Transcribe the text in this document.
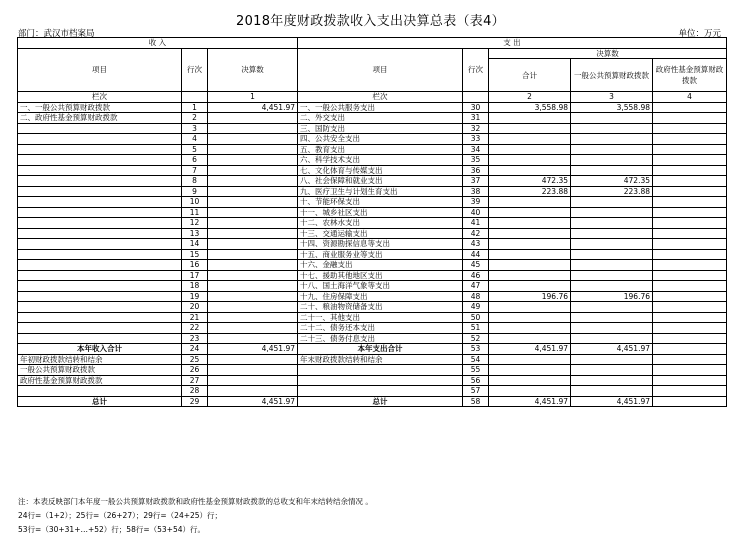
2018年度财政拨款收入支出决算总表（表4）
部门：武汉市档案局	单位：万元
收 入			支 出				
项目	行次	决算数	项目	行次	决算数		
					合计	一般公共预算财政拨款	政府性基金预算财政拨款

栏次		1	栏次		2	3	4
一、一般公共预算财政拨款	1	4,451.97	一、一般公共服务支出	30	3,558.98	3,558.98	
二、政府性基金预算财政拨款	2		二、外交支出	31			
	3		三、国防支出	32			
	4		四、公共安全支出	33			
	5		五、教育支出	34			
	6		六、科学技术支出	35			
	7		七、文化体育与传媒支出	36			
	8		八、社会保障和就业支出	37	472.35	472.35	
	9		九、医疗卫生与计划生育支出	38	223.88	223.88	
	10		十、节能环保支出	39			
	11		十一、城乡社区支出	40			
	12		十二、农林水支出	41			
	13		十三、交通运输支出	42			
	14		十四、资源勘探信息等支出	43			
	15		十五、商业服务业等支出	44			
	16		十六、金融支出	45			
	17		十七、援助其他地区支出	46			
	18		十八、国土海洋气象等支出	47			
	19		十九、住房保障支出	48	196.76	196.76	
	20		二十、粮油物资储备支出	49			
	21		二十一、其他支出	50			
	22		二十二、债务还本支出	51			
	23		二十三、债务付息支出	52			
本年收入合计	24	4,451.97	本年支出合计	53	4,451.97	4,451.97	
年初财政拨款结转和结余	25		年末财政拨款结转和结余	54			
一般公共预算财政拨款	26			55			
政府性基金预算财政拨款	27			56			
	28			57			
总计	29	4,451.97	总计	58	4,451.97	4,451.97	
注：本表反映部门本年度一般公共预算财政拨款和政府性基金预算财政拨款的总收支和年末结转结余情况 。
24行=（1+2）；25行=（26+27）；29行=（24+25）行；
53行=（30+31+…+52）行；58行=（53+54）行。
